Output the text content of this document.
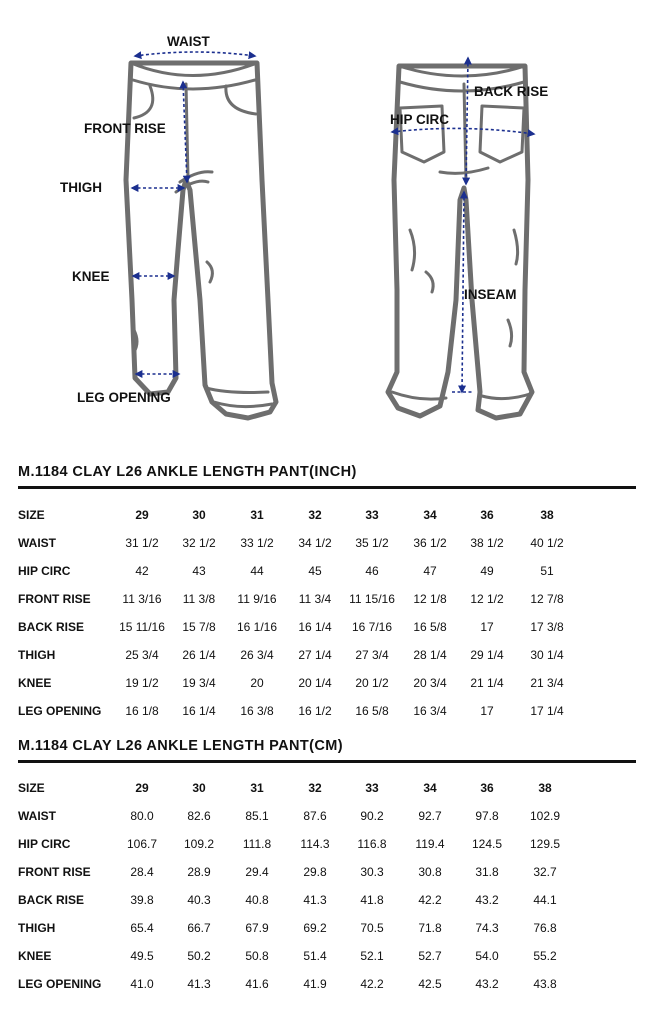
WAIST
FRONT RISE
THIGH
KNEE
LEG OPENING
BACK RISE
HIP CIRC
INSEAM
M.1184 CLAY L26 ANKLE LENGTH PANT(INCH)
SIZE	29	30	31	32	33	34	36	38
WAIST	31 1/2	32 1/2	33 1/2	34 1/2	35 1/2	36 1/2	38 1/2	40 1/2
HIP CIRC	42	43	44	45	46	47	49	51
FRONT RISE	11 3/16	11 3/8	11 9/16	11 3/4	11 15/16	12 1/8	12 1/2	12 7/8
BACK RISE	15 11/16	15 7/8	16 1/16	16 1/4	16 7/16	16 5/8	17	17 3/8
THIGH	25 3/4	26 1/4	26 3/4	27 1/4	27 3/4	28 1/4	29 1/4	30 1/4
KNEE	19 1/2	19 3/4	20	20 1/4	20 1/2	20 3/4	21 1/4	21 3/4
LEG OPENING	16 1/8	16 1/4	16 3/8	16 1/2	16 5/8	16 3/4	17	17 1/4
M.1184 CLAY L26 ANKLE LENGTH PANT(CM)
SIZE	29	30	31	32	33	34	36	38
WAIST	80.0	82.6	85.1	87.6	90.2	92.7	97.8	102.9
HIP CIRC	106.7	109.2	111.8	114.3	116.8	119.4	124.5	129.5
FRONT RISE	28.4	28.9	29.4	29.8	30.3	30.8	31.8	32.7
BACK RISE	39.8	40.3	40.8	41.3	41.8	42.2	43.2	44.1
THIGH	65.4	66.7	67.9	69.2	70.5	71.8	74.3	76.8
KNEE	49.5	50.2	50.8	51.4	52.1	52.7	54.0	55.2
LEG OPENING	41.0	41.3	41.6	41.9	42.2	42.5	43.2	43.8
